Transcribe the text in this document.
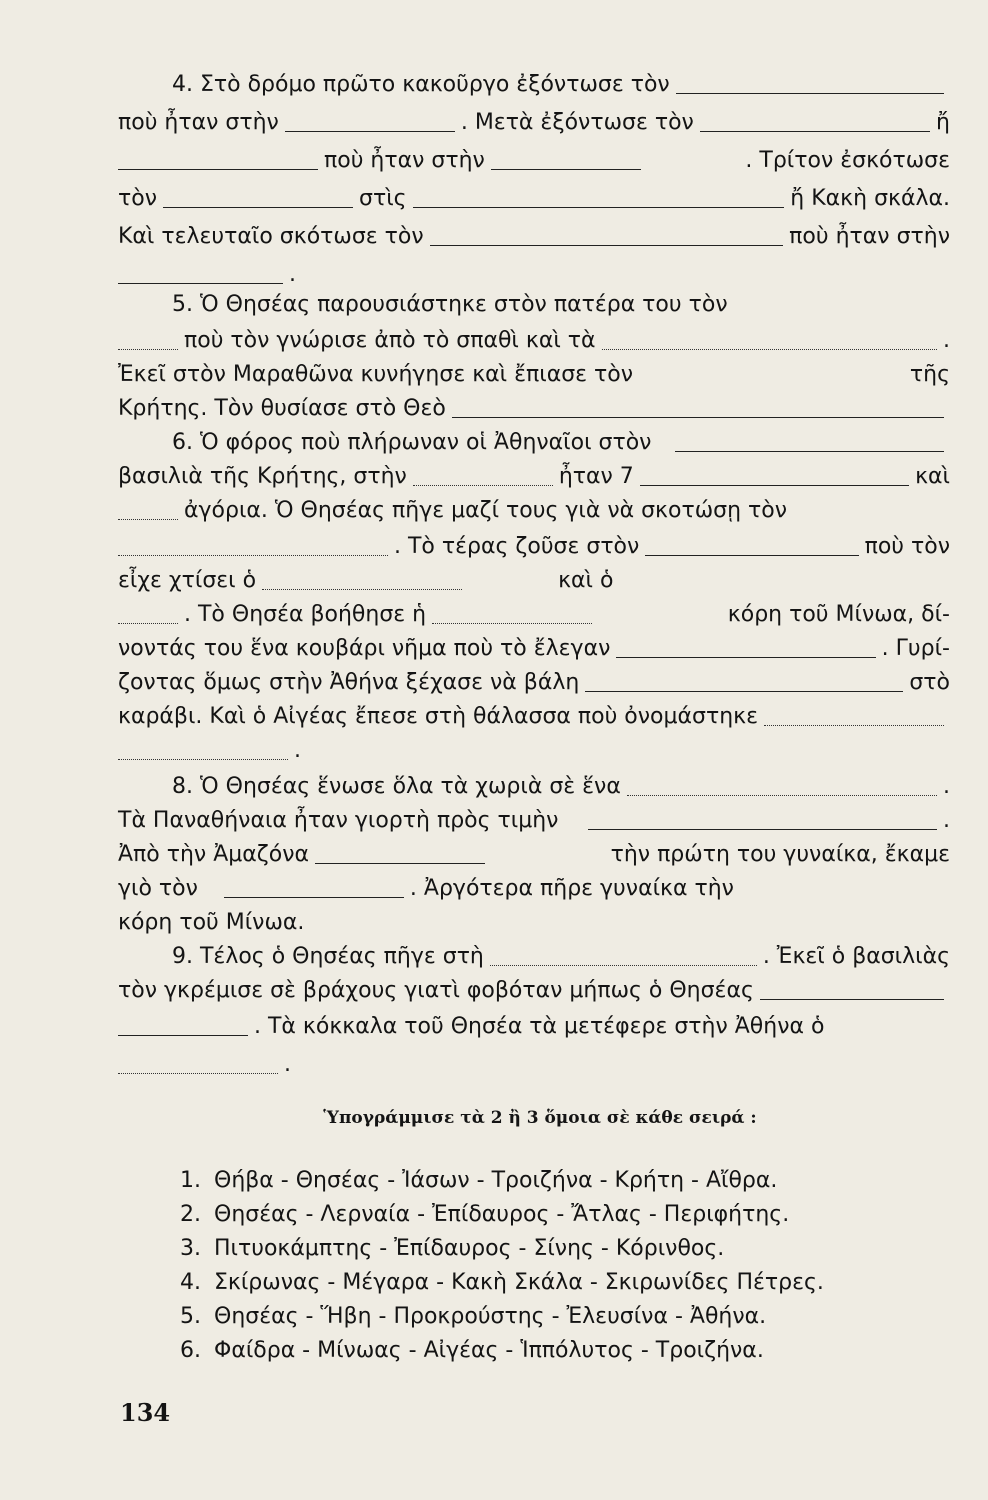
4. Στὸ δρόμο πρῶτο κακοῦργο ἐξόντωσε τὸν
ποὺ ἦταν στὴν	. Μετὰ ἐξόντωσε τὸν	ἤ
ποὺ ἦταν στὴν	. Τρίτον ἐσκότωσε
τὸν	στὶς	ἤ Κακὴ σκάλα.
Καὶ τελευταῖο σκότωσε τὸν	ποὺ ἦταν στὴν
.
5. Ὁ Θησέας παρουσιάστηκε στὸν πατέρα του τὸν
ποὺ τὸν γνώρισε ἀπὸ τὸ σπαθὶ καὶ τὰ	.
Ἐκεῖ στὸν Μαραθῶνα κυνήγησε καὶ ἔπιασε τὸν	τῆς
Κρήτης. Τὸν θυσίασε στὸ Θεὸ
6. Ὁ φόρος ποὺ πλήρωναν οἱ Ἀθηναῖοι στὸν
βασιλιὰ τῆς Κρήτης, στὴν	ἦταν 7	καὶ
ἀγόρια. Ὁ Θησέας πῆγε μαζί τους γιὰ νὰ σκοτώσῃ τὸν
. Τὸ τέρας ζοῦσε στὸν	ποὺ τὸν
εἶχε χτίσει ὁ	καὶ ὁ
. Τὸ Θησέα βοήθησε ἡ	κόρη τοῦ Μίνωα, δί-
νοντάς του ἕνα κουβάρι νῆμα ποὺ τὸ ἔλεγαν	. Γυρί-
ζοντας ὅμως στὴν Ἀθήνα ξέχασε νὰ βάλη	στὸ
καράβι. Καὶ ὁ Αἰγέας ἔπεσε στὴ θάλασσα ποὺ ὀνομάστηκε
.
8. Ὁ Θησέας ἕνωσε ὅλα τὰ χωριὰ σὲ ἕνα	.
Τὰ Παναθήναια ἦταν γιορτὴ πρὸς τιμὴν	.
Ἀπὸ τὴν Ἀμαζόνα	τὴν πρώτη του γυναίκα, ἔκαμε
γιὸ τὸν	. Ἀργότερα πῆρε γυναίκα τὴν
κόρη τοῦ Μίνωα.
9. Τέλος ὁ Θησέας πῆγε στὴ	. Ἐκεῖ ὁ βασιλιὰς
τὸν γκρέμισε σὲ βράχους γιατὶ φοβόταν μήπως ὁ Θησέας
. Τὰ κόκκαλα τοῦ Θησέα τὰ μετέφερε στὴν Ἀθήνα ὁ
.
Ὑπογράμμισε τὰ 2 ἢ 3 ὅμοια σὲ κάθε σειρά :
1. Θήβα - Θησέας - Ἰάσων - Τροιζήνα - Κρήτη - Αἴθρα.
2. Θησέας - Λερναία - Ἐπίδαυρος - Ἄτλας - Περιφήτης.
3. Πιτυοκάμπτης - Ἐπίδαυρος - Σίνης - Κόρινθος.
4. Σκίρωνας - Μέγαρα - Κακὴ Σκάλα - Σκιρωνίδες Πέτρες.
5. Θησέας - Ἥβη - Προκρούστης - Ἐλευσίνα - Ἀθήνα.
6. Φαίδρα - Μίνωας - Αἰγέας - Ἱππόλυτος - Τροιζήνα.
134
